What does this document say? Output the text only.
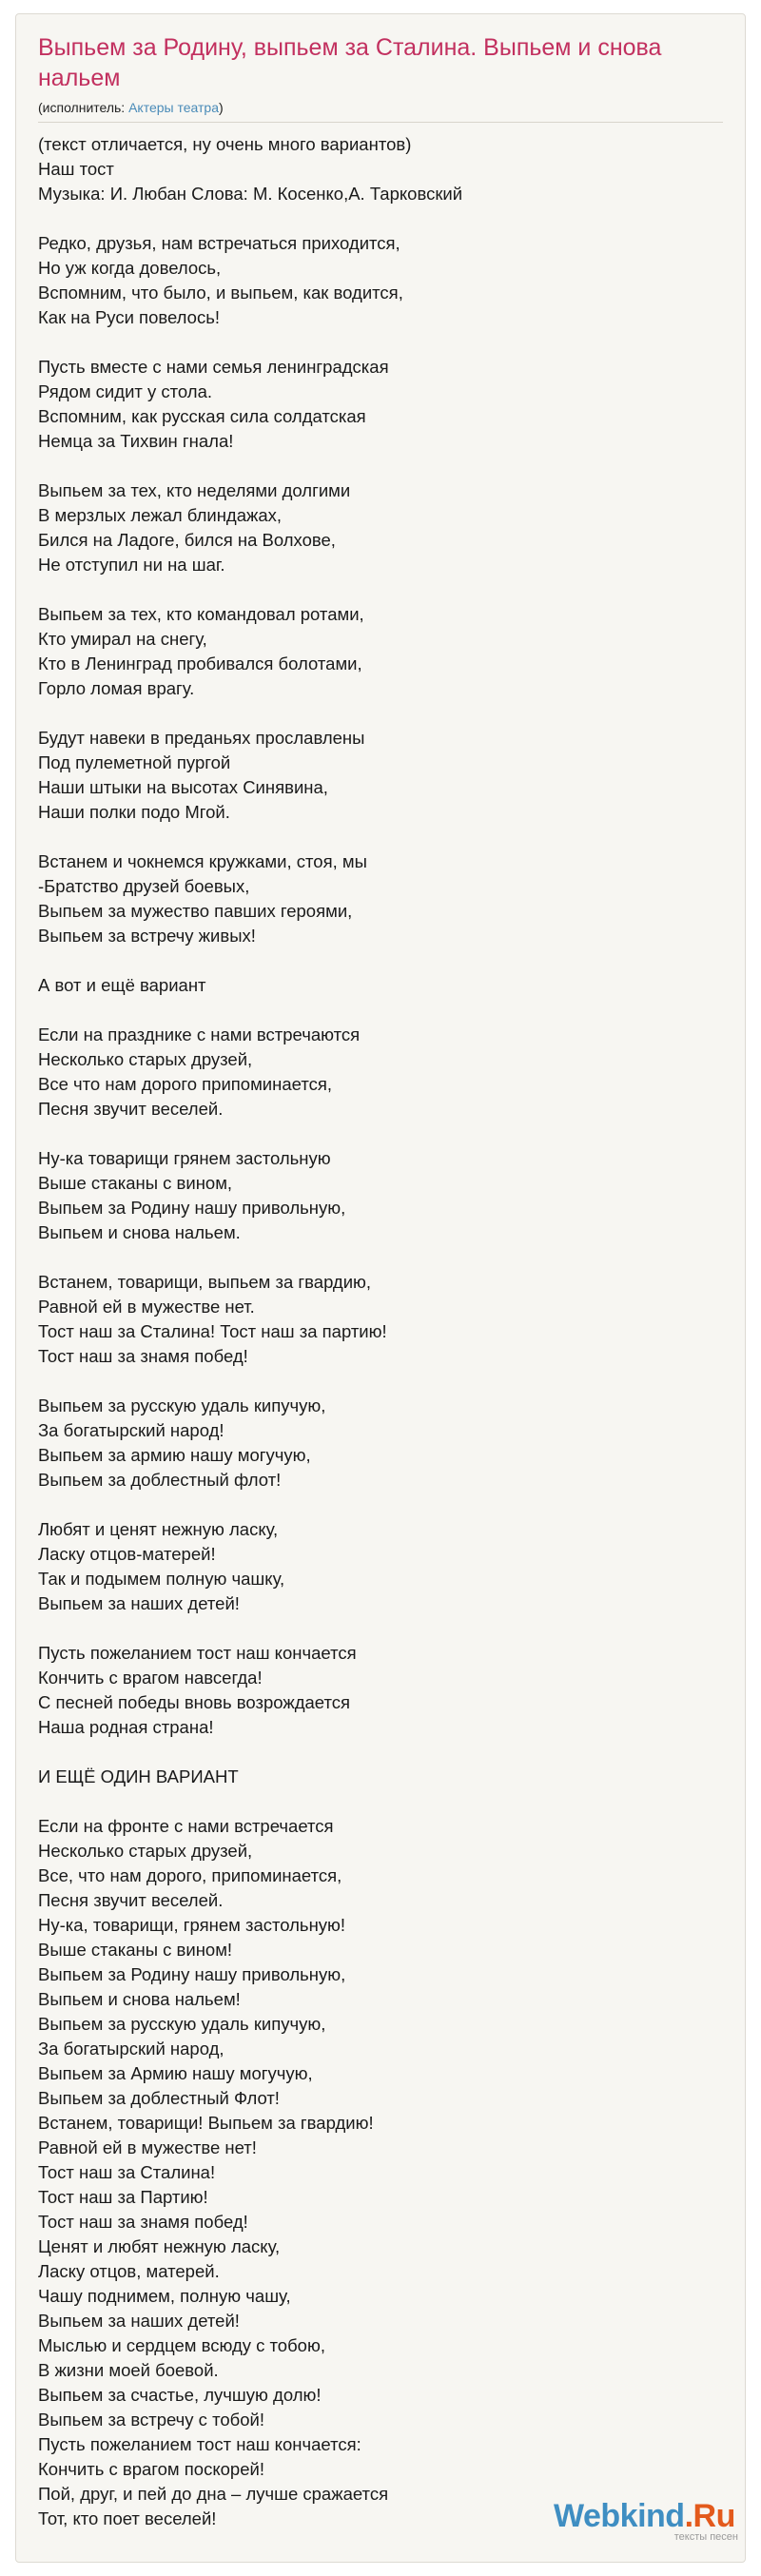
Выпьем за Родину, выпьем за Сталина. Выпьем и снова нальем
(исполнитель: Актеры театра)
(текст отличается, ну очень много вариантов)
Наш тост
Музыка: И. Любан Слова: М. Косенко,А. Тарковский
Редко, друзья, нам встречаться приходится,
Но уж когда довелось,
Вспомним, что было, и выпьем, как водится,
Как на Руси повелось!
Пусть вместе с нами семья ленинградская
Рядом сидит у стола.
Вспомним, как русская сила солдатская
Немца за Тихвин гнала!
Выпьем за тех, кто неделями долгими
В мерзлых лежал блиндажах,
Бился на Ладоге, бился на Волхове,
Не отступил ни на шаг.
Выпьем за тех, кто командовал ротами,
Кто умирал на снегу,
Кто в Ленинград пробивался болотами,
Горло ломая врагу.
Будут навеки в преданьях прославлены
Под пулеметной пургой
Наши штыки на высотах Синявина,
Наши полки подо Мгой.
Встанем и чокнемся кружками, стоя, мы
-Братство друзей боевых,
Выпьем за мужество павших героями,
Выпьем за встречу живых!
А вот и ещё вариант
Если на празднике с нами встречаются
Несколько старых друзей,
Все что нам дорого припоминается,
Песня звучит веселей.
Ну-ка товарищи грянем застольную
Выше стаканы с вином,
Выпьем за Родину нашу привольную,
Выпьем и снова нальем.
Встанем, товарищи, выпьем за гвардию,
Равной ей в мужестве нет.
Тост наш за Сталина! Тост наш за партию!
Тост наш за знамя побед!
Выпьем за русскую удаль кипучую,
За богатырский народ!
Выпьем за армию нашу могучую,
Выпьем за доблестный флот!
Любят и ценят нежную ласку,
Ласку отцов-матерей!
Так и подымем полную чашку,
Выпьем за наших детей!
Пусть пожеланием тост наш кончается
Кончить с врагом навсегда!
С песней победы вновь возрождается
Наша родная страна!
И ЕЩЁ ОДИН ВАРИАНТ
Если на фронте с нами встречается
Несколько старых друзей,
Все, что нам дорого, припоминается,
Песня звучит веселей.
Ну-ка, товарищи, грянем застольную!
Выше стаканы с вином!
Выпьем за Родину нашу привольную,
Выпьем и снова нальем!
Выпьем за русскую удаль кипучую,
За богатырский народ,
Выпьем за Армию нашу могучую,
Выпьем за доблестный Флот!
Встанем, товарищи! Выпьем за гвардию!
Равной ей в мужестве нет!
Тост наш за Сталина!
Тост наш за Партию!
Тост наш за знамя побед!
Ценят и любят нежную ласку,
Ласку отцов, матерей.
Чашу поднимем, полную чашу,
Выпьем за наших детей!
Мыслью и сердцем всюду с тобою,
В жизни моей боевой.
Выпьем за счастье, лучшую долю!
Выпьем за встречу с тобой!
Пусть пожеланием тост наш кончается:
Кончить с врагом поскорей!
Пой, друг, и пей до дна – лучше сражается
Тот, кто поет веселей!	Webkind.Ru
тексты песен
